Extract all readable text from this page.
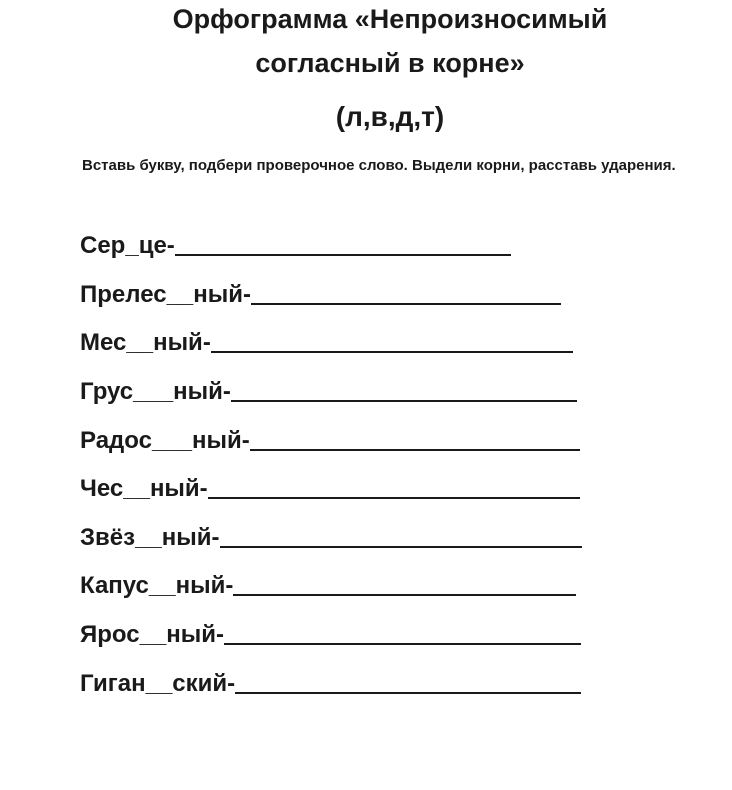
Орфограмма «Непроизносимый
согласный в корне»
(л,в,д,т)

Вставь букву, подбери проверочное слово. Выдели корни, расставь ударения.

Сер_це-
Прелес__ный-
Мес__ный-
Грус___ный-
Радос___ный-
Чес__ный-
Звёз__ный-
Капус__ный-
Ярос__ный-
Гиган__ский-
